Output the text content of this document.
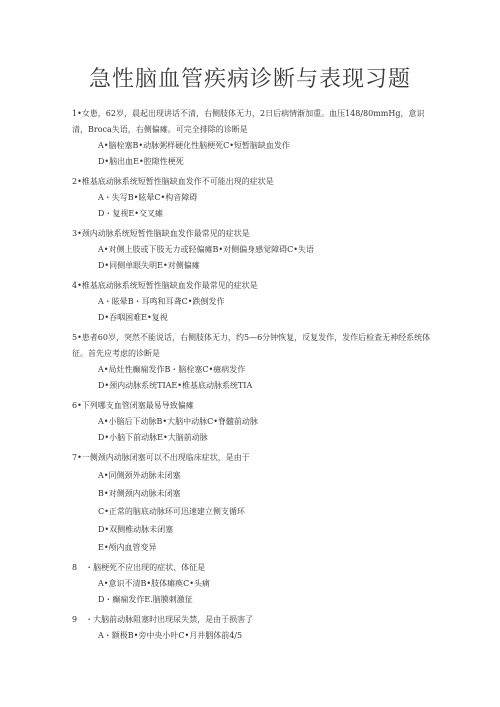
急性脑血管疾病诊断与表现习题
1•女患，62岁，晨起出现讲话不清，右侧肢体无力，2日后病情渐加重。血压148/80mmHg，意识清，Broca失语，右侧偏瘫。可完全排除的诊断是
A•脑栓塞B•动脉粥样硬化性脑梗死C•短暂脑缺血发作
D•脑出血E•腔隙性梗死
2•椎基底动脉系统短暂性脑缺血发作不可能出现的症状是
A・失写B•眩晕C•构音障碍
D・复视E•交叉瘫
3•颈内动脉系统短暂性脑缺血发作最常见的症状是
A•对侧上肢或下肢无力或轻偏瘫B•对侧偏身感觉障碍C•失语
D•同侧单眼失明E•对侧偏瘫
4•椎基底动脉系统短暂性脑缺血发作最常见的症状是
A・眩晕B・耳鸣和耳聋C•跌倒发作
D•吞咽困难E•复视
5•患者60岁，突然不能说话，右侧肢体无力，约5—6分钟恢复，反复发作，发作后检查无神经系统体征。首先应考虑的诊断是
A•局灶性癫痫发作B・脑栓塞C•癔病发作
D•颈内动脉系统TIAE•椎基底动脉系统TIA
6•下列哪支血管闭塞最易导致偏瘫
A•小脑后下动脉B•大脑中动脉C•脊髓前动脉
D•小脑下前动脉E•大脑前动脉
7•一侧颈内动脉闭塞可以不出现临床症状，是由于
A•同侧颈外动脉未闭塞
B•对侧颈内动脉未闭塞
C•正常的脑底动脉环可迅速建立侧支循环
D•双侧椎动脉未闭塞
E•颅内血管变异
8　・脑梗死不应出现的症状、体征是
A•意识不清B•肢体瘫痪C•头痛
D・癫痫发作E.脑膜刺激征
9　・大脑前动脉阻塞时出现尿失禁，是由于损害了
A・额极B•旁中央小叶C•月井胭体前4/5
